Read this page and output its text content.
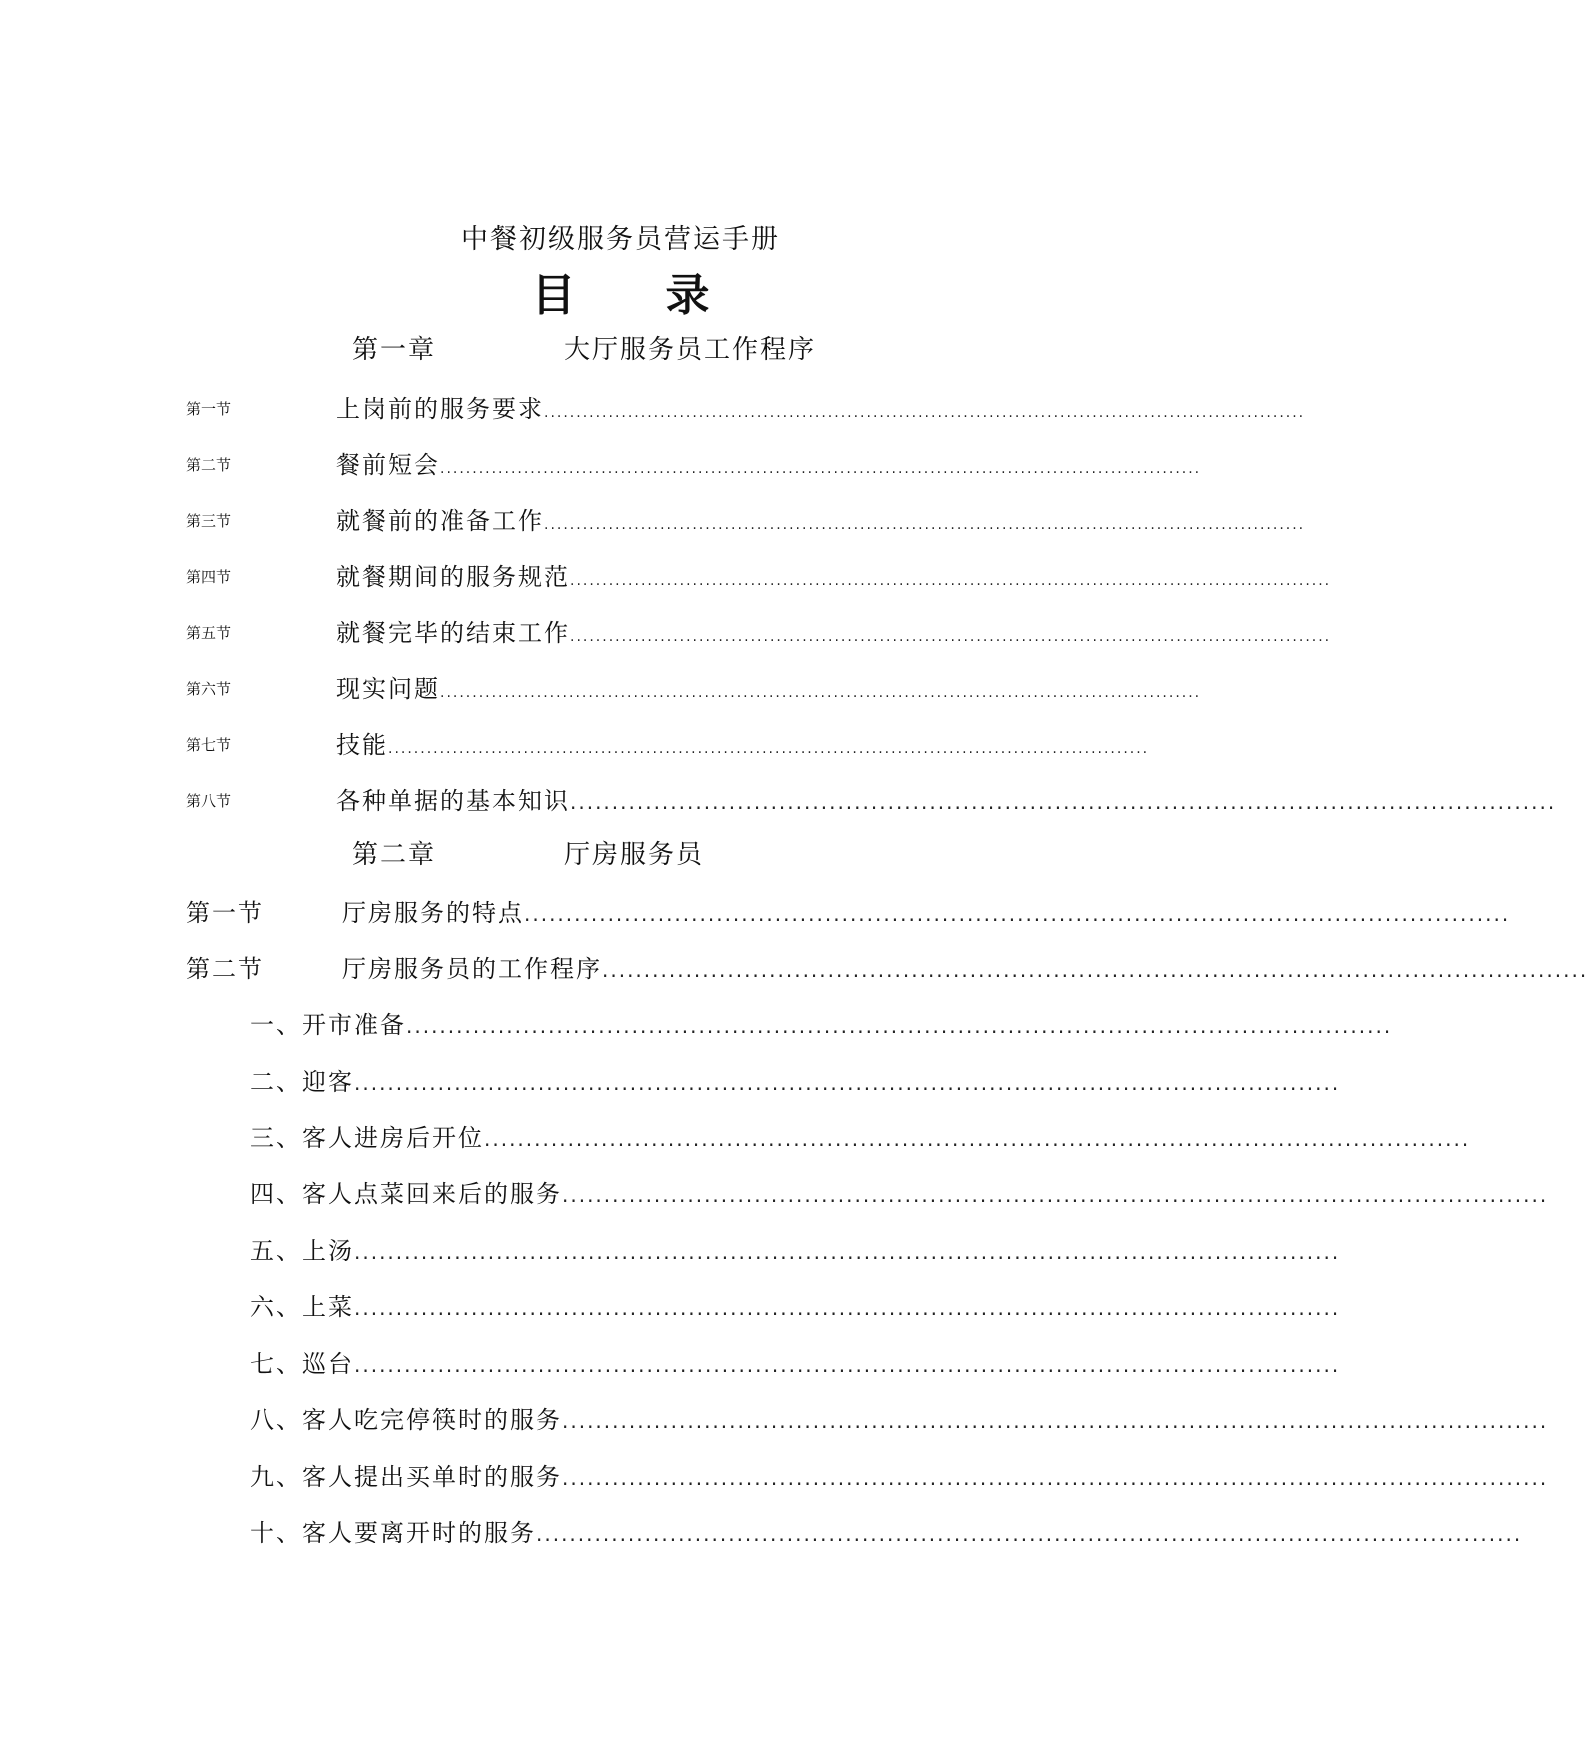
中餐初级服务员营运手册
目 录
第一章	大厅服务员工作程序
第一节	上岗前的服务要求 ......................................................................................................................
第二节	餐前短会 ......................................................................................................................
第三节	就餐前的准备工作 ......................................................................................................................
第四节	就餐期间的服务规范 ......................................................................................................................
第五节	就餐完毕的结束工作 ......................................................................................................................
第六节	现实问题 ......................................................................................................................
第七节	技能 ......................................................................................................................
第八节	各种单据的基本知识 ......................................................................................................................
第二章	厅房服务员
第一节	厅房服务的特点 ......................................................................................................................
第二节	厅房服务员的工作程序 ......................................................................................................................
一、开市准备 ......................................................................................................................
二、迎客 ......................................................................................................................
三、客人进房后开位 ......................................................................................................................
四、客人点菜回来后的服务 ......................................................................................................................
五、上汤 ......................................................................................................................
六、上菜 ......................................................................................................................
七、巡台 ......................................................................................................................
八、客人吃完停筷时的服务 ......................................................................................................................
九、客人提出买单时的服务 ......................................................................................................................
十、客人要离开时的服务 ......................................................................................................................
